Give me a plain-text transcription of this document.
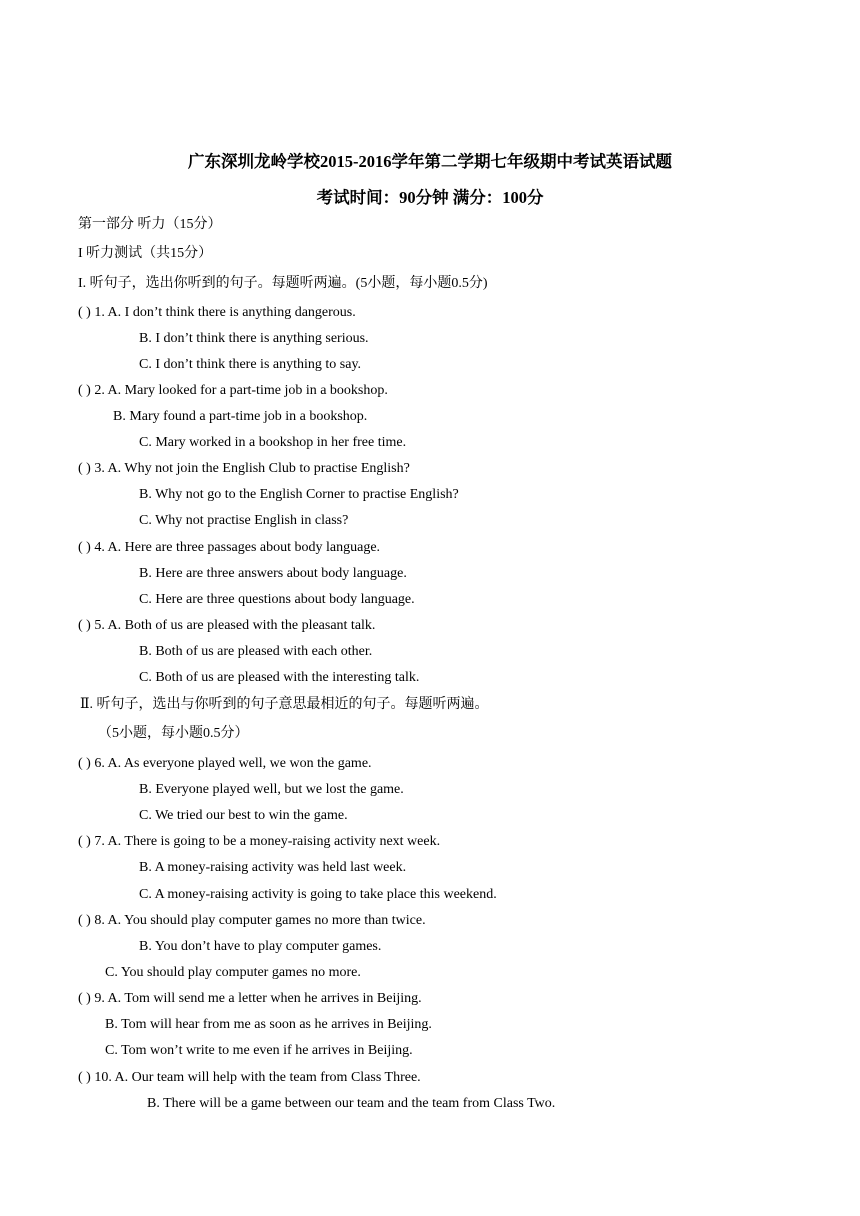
广东深圳龙岭学校2015-2016学年第二学期七年级期中考试英语试题
考试时间：90分钟 满分：100分
第一部分 听力（15分）
I 听力测试（共15分）
I. 听句子，选出你听到的句子。每题听两遍。(5小题，每小题0.5分)
( ) 1. A. I don’t think there is anything dangerous.
B. I don’t think there is anything serious.
C. I don’t think there is anything to say.
( ) 2. A. Mary looked for a part-time job in a bookshop.
B. Mary found a part-time job in a bookshop.
C. Mary worked in a bookshop in her free time.
( ) 3. A. Why not join the English Club to practise English?
B. Why not go to the English Corner to practise English?
C. Why not practise English in class?
( ) 4. A. Here are three passages about body language.
B. Here are three answers about body language.
C. Here are three questions about body language.
( ) 5. A. Both of us are pleased with the pleasant talk.
B. Both of us are pleased with each other.
C. Both of us are pleased with the interesting talk.
Ⅱ. 听句子，选出与你听到的句子意思最相近的句子。每题听两遍。
（5小题，每小题0.5分）
( ) 6. A. As everyone played well, we won the game.
B. Everyone played well, but we lost the game.
C. We tried our best to win the game.
( ) 7. A. There is going to be a money-raising activity next week.
B. A money-raising activity was held last week.
C. A money-raising activity is going to take place this weekend.
( ) 8. A. You should play computer games no more than twice.
B. You don’t have to play computer games.
C. You should play computer games no more.
( ) 9. A. Tom will send me a letter when he arrives in Beijing.
B. Tom will hear from me as soon as he arrives in Beijing.
C. Tom won’t write to me even if he arrives in Beijing.
( ) 10. A. Our team will help with the team from Class Three.
B. There will be a game between our team and the team from Class Two.
